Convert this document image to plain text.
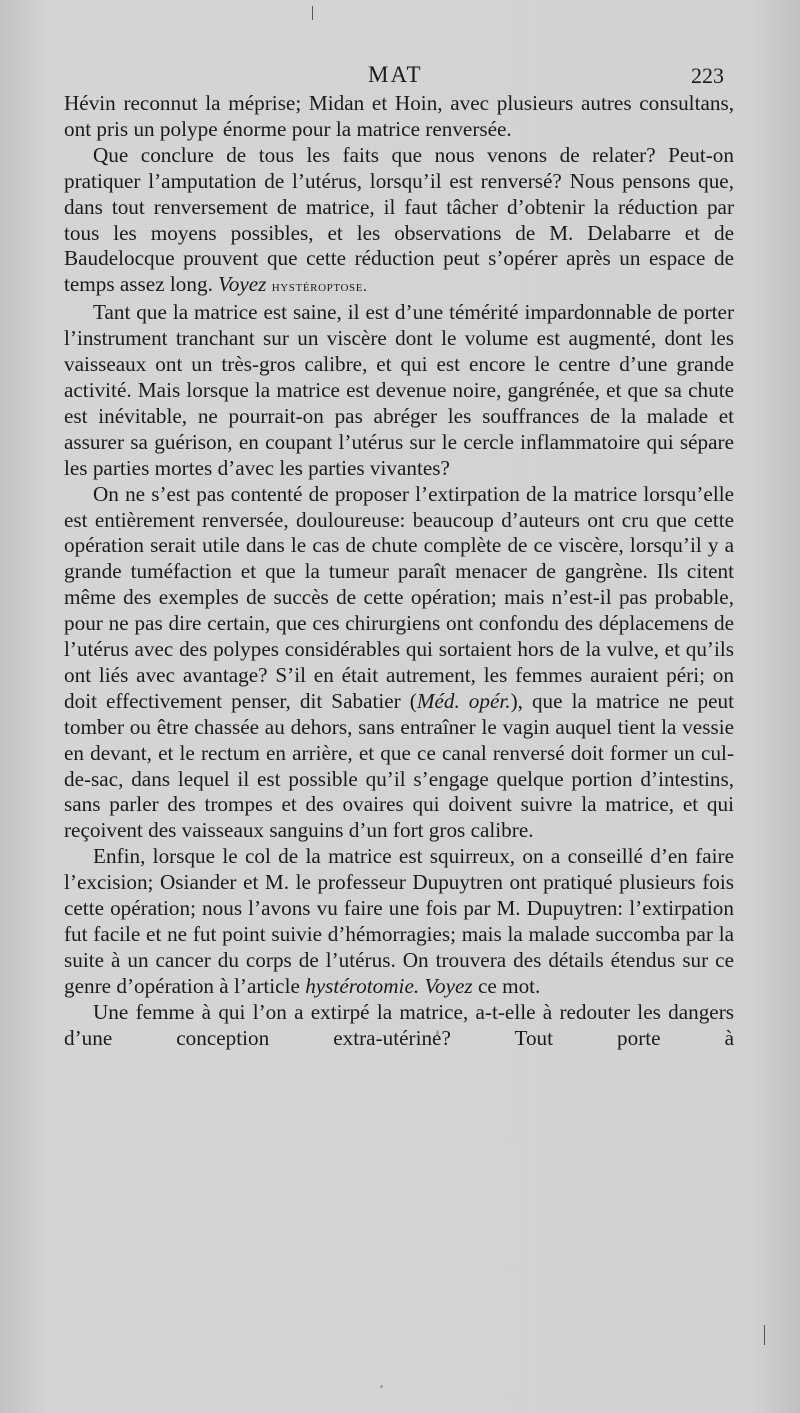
MAT	223

Hévin reconnut la méprise; Midan et Hoin, avec plusieurs autres consultans, ont pris un polype énorme pour la matrice renversée.

Que conclure de tous les faits que nous venons de relater? Peut-on pratiquer l’amputation de l’utérus, lorsqu’il est renversé? Nous pensons que, dans tout renversement de matrice, il faut tâcher d’obtenir la réduction par tous les moyens possibles, et les observations de M. Delabarre et de Baudelocque prouvent que cette réduction peut s’opérer après un espace de temps assez long. Voyez hystéroptose.

Tant que la matrice est saine, il est d’une témérité impardonnable de porter l’instrument tranchant sur un viscère dont le volume est augmenté, dont les vaisseaux ont un très-gros calibre, et qui est encore le centre d’une grande activité. Mais lorsque la matrice est devenue noire, gangrénée, et que sa chute est inévitable, ne pourrait-on pas abréger les souffrances de la malade et assurer sa guérison, en coupant l’utérus sur le cercle inflammatoire qui sépare les parties mortes d’avec les parties vivantes?

On ne s’est pas contenté de proposer l’extirpation de la matrice lorsqu’elle est entièrement renversée, douloureuse: beaucoup d’auteurs ont cru que cette opération serait utile dans le cas de chute complète de ce viscère, lorsqu’il y a grande tuméfaction et que la tumeur paraît menacer de gangrène. Ils citent même des exemples de succès de cette opération; mais n’est-il pas probable, pour ne pas dire certain, que ces chirurgiens ont confondu des déplacemens de l’utérus avec des polypes considérables qui sortaient hors de la vulve, et qu’ils ont liés avec avantage? S’il en était autrement, les femmes auraient péri; on doit effectivement penser, dit Sabatier (Méd. opér.), que la matrice ne peut tomber ou être chassée au dehors, sans entraîner le vagin auquel tient la vessie en devant, et le rectum en arrière, et que ce canal renversé doit former un cul-de-sac, dans lequel il est possible qu’il s’engage quelque portion d’intestins, sans parler des trompes et des ovaires qui doivent suivre la matrice, et qui reçoivent des vaisseaux sanguins d’un fort gros calibre.

Enfin, lorsque le col de la matrice est squirreux, on a conseillé d’en faire l’excision; Osiander et M. le professeur Dupuytren ont pratiqué plusieurs fois cette opération; nous l’avons vu faire une fois par M. Dupuytren: l’extirpation fut facile et ne fut point suivie d’hémorragies; mais la malade succomba par la suite à un cancer du corps de l’utérus. On trouvera des détails étendus sur ce genre d’opération à l’article hystérotomie. Voyez ce mot.

Une femme à qui l’on a extirpé la matrice, a-t-elle à redouter les dangers d’une conception extra-utérine? Tout porte à
